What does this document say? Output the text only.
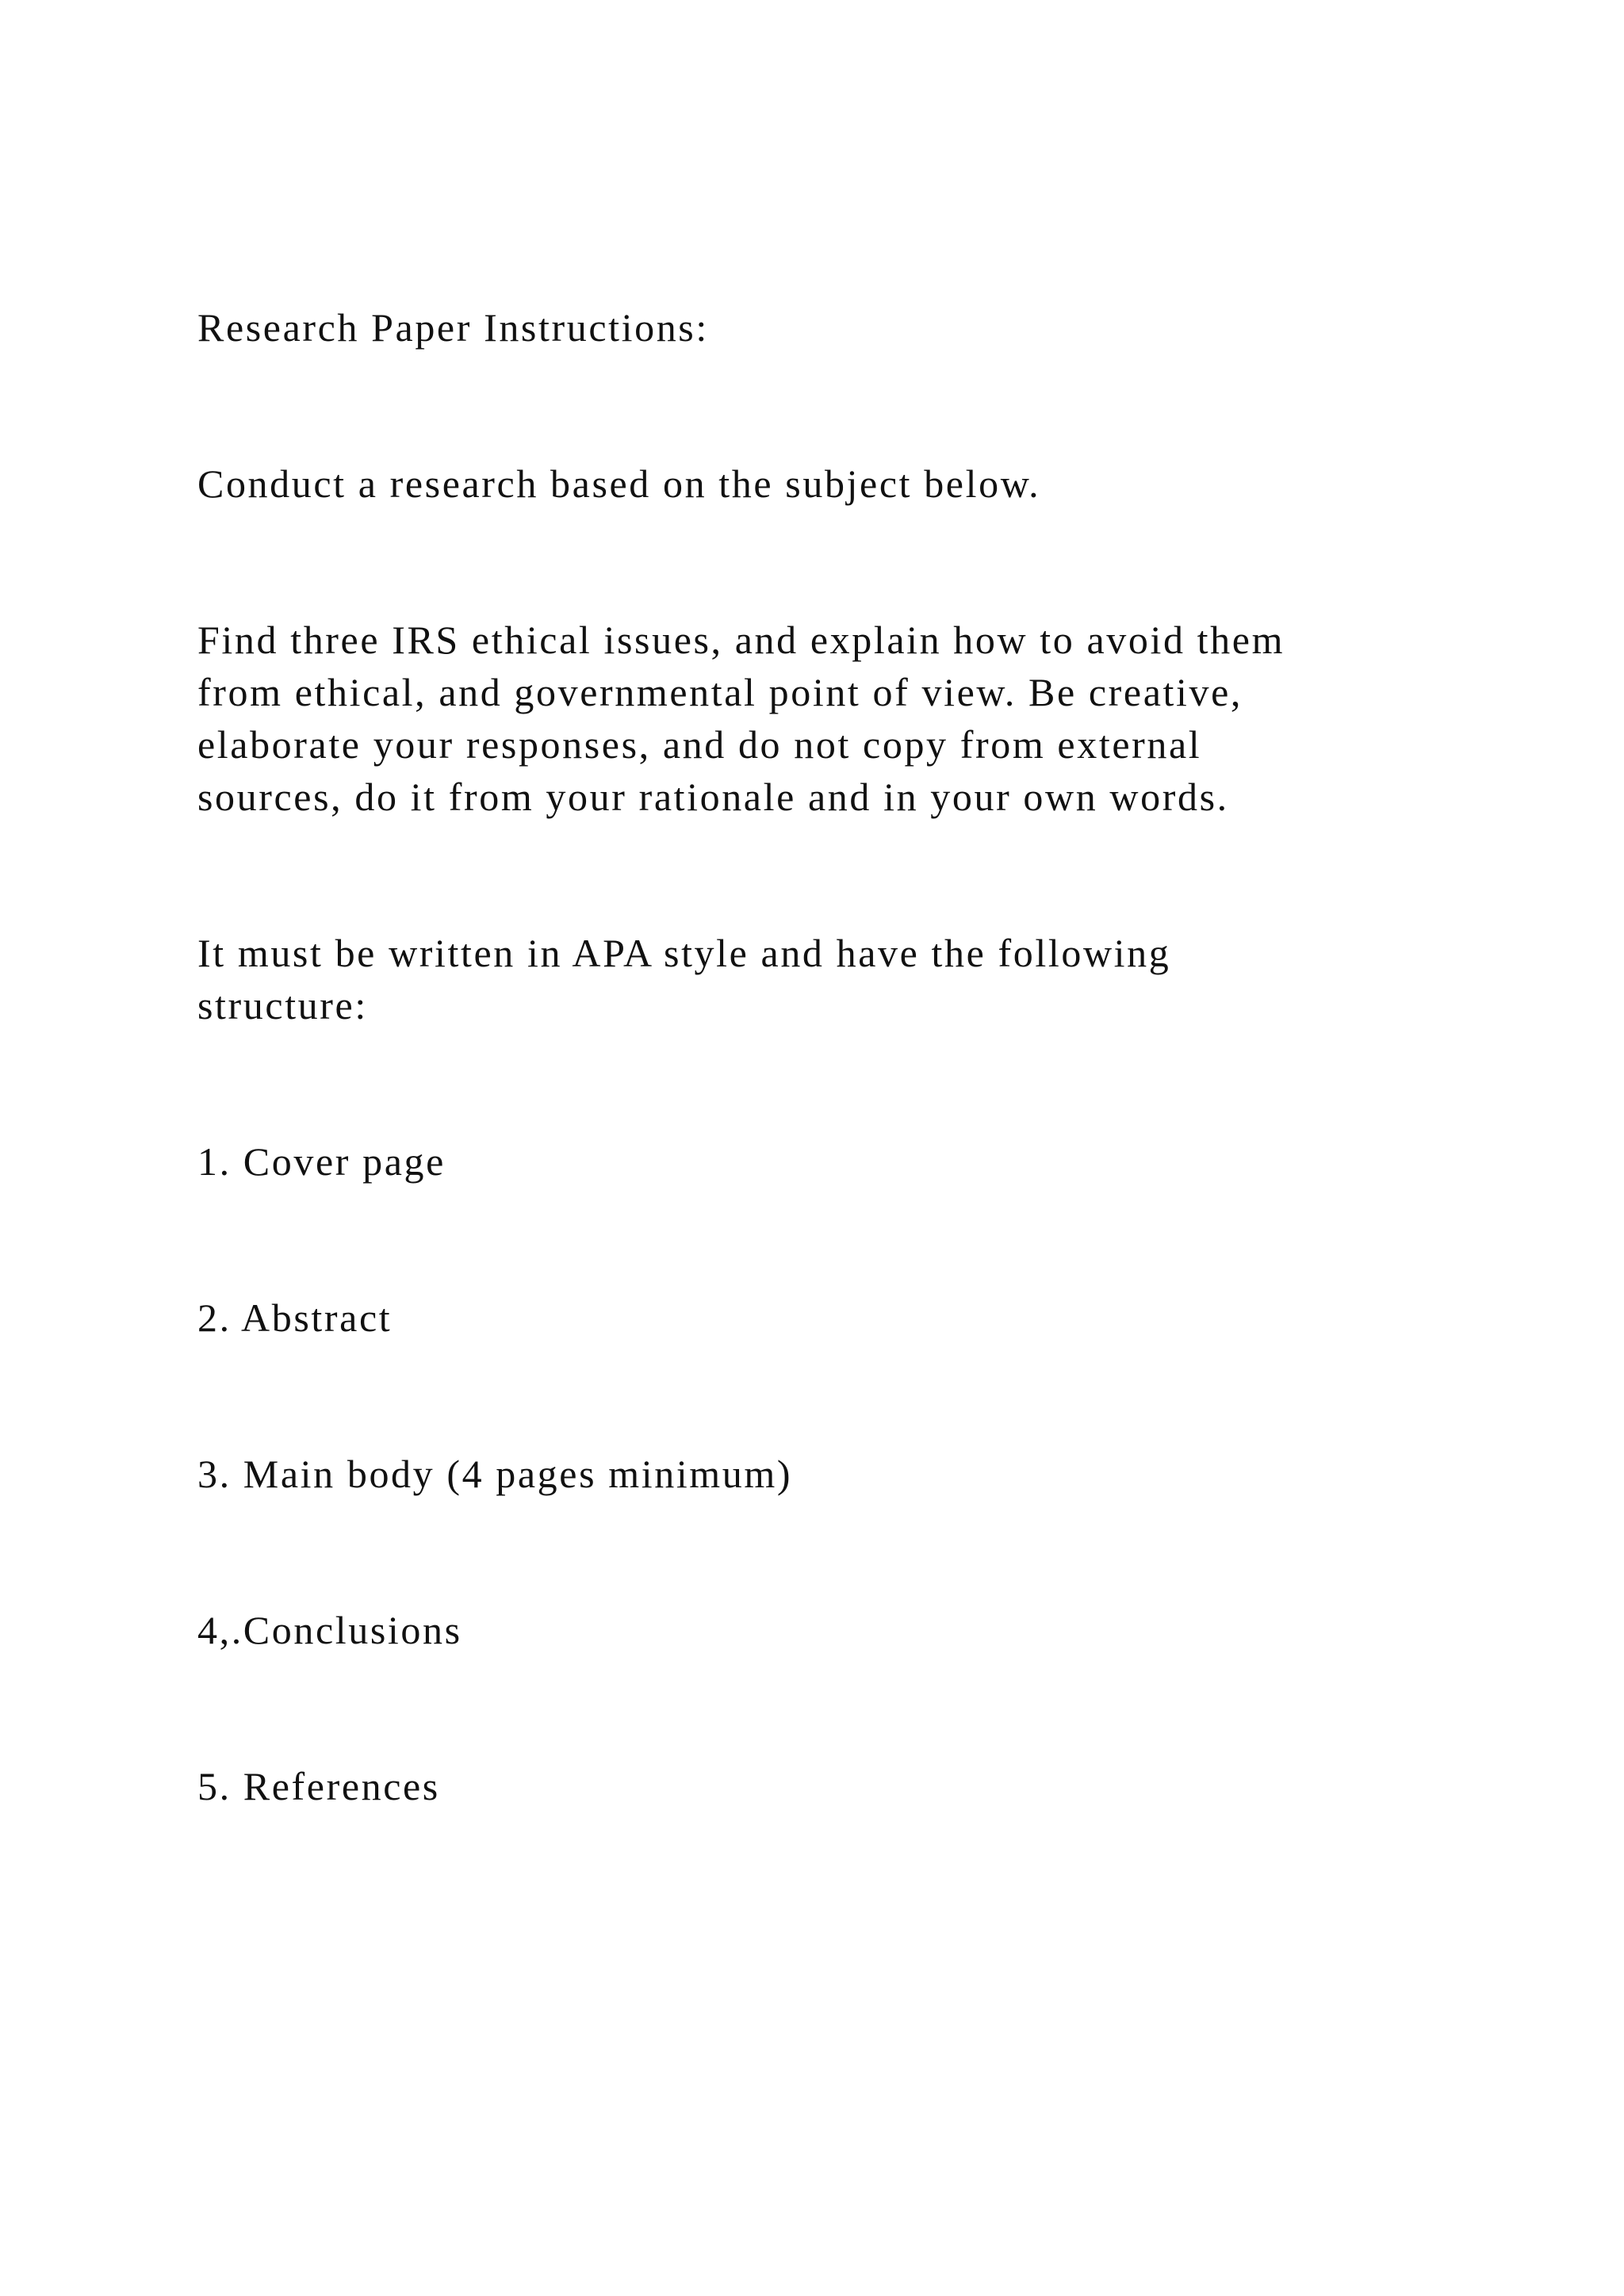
Research Paper Instructions:

Conduct a research based on the subject below.

Find three IRS ethical issues, and explain how to avoid them

from ethical, and governmental point of view. Be creative,

elaborate your responses, and do not copy from external

sources, do it from your rationale and in your own words.

It must be written in APA style and have the following

structure:

1. Cover page

2. Abstract

3. Main body (4 pages minimum)

4,.Conclusions

5. References
